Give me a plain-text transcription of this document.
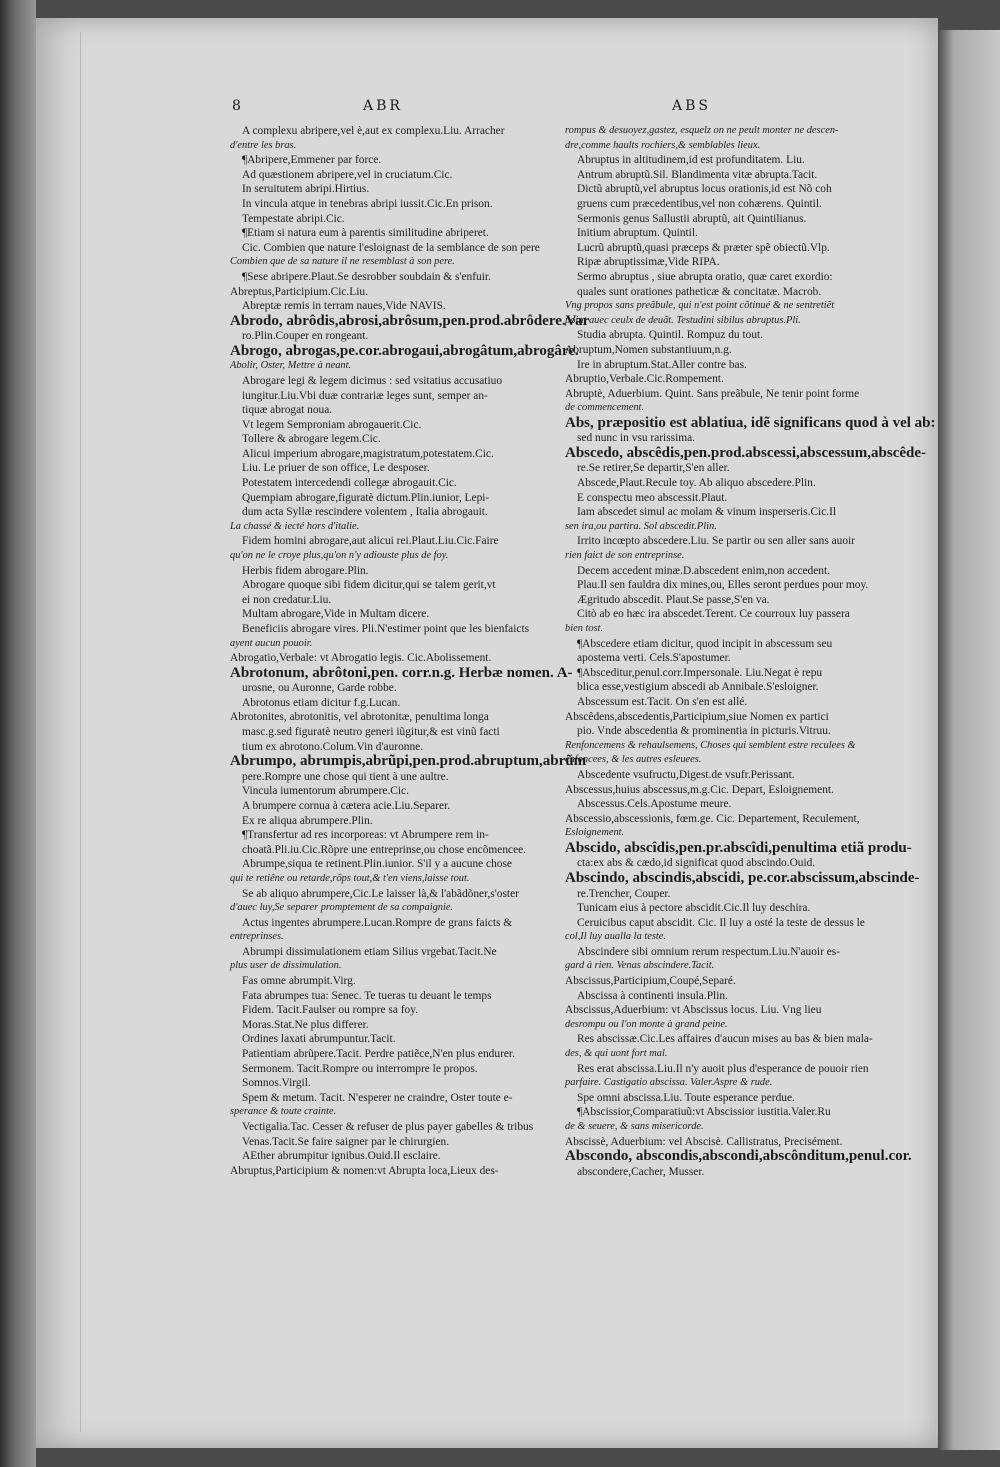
8	ABR	ABS
A complexu abripere,vel è,aut ex complexu.Liu. Arracher
d'entre les bras.
¶Abripere,Emmener par force.
Ad quæstionem abripere,vel in cruciatum.Cic.
In seruitutem abripi.Hirtius.
In vincula atque in tenebras abripi iussit.Cic.En prison.
Tempestate abripi.Cic.
¶Etiam si natura eum à parentis similitudine abriperet.
Cic. Combien que nature l'esloignast de la semblance de son pere
Combien que de sa nature il ne resemblast à son pere.
¶Sese abripere.Plaut.Se desrobber soubdain & s'enfuir.
Abreptus,Participium.Cic.Liu.
Abreptæ remis in terram naues,Vide NAVIS.
Abrodo, abrôdis,abrosi,abrôsum,pen.prod.abrôdere.Var
ro.Plin.Couper en rongeant.
Abrogo, abrogas,pe.cor.abrogaui,abrogâtum,abrogâre.
Abolir, Oster, Mettre à neant.
Abrogare legi & legem dicimus : sed vsitatius accusatiuo
iungitur.Liu.Vbi duæ contrariæ leges sunt, semper an-
tiquæ abrogat noua.
Vt legem Semproniam abrogauerit.Cic.
Tollere & abrogare legem.Cic.
Alicui imperium abrogare,magistratum,potestatem.Cic.
Liu. Le priuer de son office, Le desposer.
Potestatem intercedendi collegæ abrogauit.Cic.
Quempiam abrogare,figuratè dictum.Plin.iunior, Lepi-
dum acta Syllæ rescindere volentem , Italia abrogauit.
La chassé & iecté hors d'italie.
Fidem homini abrogare,aut alicui rei.Plaut.Liu.Cic.Faire
qu'on ne le croye plus,qu'on n'y adiouste plus de foy.
Herbis fidem abrogare.Plin.
Abrogare quoque sibi fidem dicitur,qui se talem gerit,vt
ei non credatur.Liu.
Multam abrogare,Vide in Multam dicere.
Beneficiis abrogare vires. Pli.N'estimer point que les bienfaicts
ayent aucun pouoir.
Abrogatio,Verbale: vt Abrogatio legis. Cic.Abolissement.
Abrotonum, abrôtoni,pen. corr.n.g. Herbæ nomen. A-
urosne, ou Auronne, Garde robbe.
Abrotonus etiam dicitur f.g.Lucan.
Abrotonites, abrotonitis, vel abrotonitæ, penultima longa
masc.g.sed figuratè neutro generi iũgitur,& est vinũ facti
tium ex abrotono.Colum.Vin d'auronne.
Abrumpo, abrumpis,abrũpi,pen.prod.abruptum,abrũm
pere.Rompre une chose qui tient à une aultre.
Vincula iumentorum abrumpere.Cic.
A brumpere cornua à cætera acie.Liu.Separer.
Ex re aliqua abrumpere.Plin.
¶Transfertur ad res incorporeas: vt Abrumpere rem in-
choatã.Pli.iu.Cic.Rõpre une entreprinse,ou chose encõmencee.
Abrumpe,siqua te retinent.Plin.iunior. S'il y a aucune chose
qui te retiêne ou retarde,rõps tout,& t'en viens,laisse tout.
Se ab aliquo abrumpere,Cic.Le laisser là,& l'abãdõner,s'oster
d'auec luy,Se separer promptement de sa compaignie.
Actus ingentes abrumpere.Lucan.Rompre de grans faicts &
entreprinses.
Abrumpi dissimulationem etiam Silius vrgebat.Tacit.Ne
plus user de dissimulation.
Fas omne abrumpit.Virg.
Fata abrumpes tua: Senec. Te tueras tu deuant le temps
Fidem. Tacit.Faulser ou rompre sa foy.
Moras.Stat.Ne plus differer.
Ordines laxati abrumpuntur.Tacit.
Patientiam abrũpere.Tacit. Perdre patiẽce,N'en plus endurer.
Sermonem. Tacit.Rompre ou interrompre le propos.
Somnos.Virgil.
Spem & metum. Tacit. N'esperer ne craindre, Oster toute e-
sperance & toute crainte.
Vectigalia.Tac. Cesser & refuser de plus payer gabelles & tribus
Venas.Tacit.Se faire saigner par le chirurgien.
AEther abrumpitur ignibus.Ouid.Il esclaire.
Abruptus,Participium & nomen:vt Abrupta loca,Lieux des-
rompus & desuoyez,gastez, esquelz on ne peult monter ne descen-
dre,comme haults rochiers,& semblables lieux.
Abruptus in altitudinem,id est profunditatem. Liu.
Antrum abruptũ.Sil. Blandimenta vitæ abrupta.Tacit.
Dictũ abruptũ,vel abruptus locus orationis,id est Nõ coh
gruens cum præcedentibus,vel non cohærens. Quintil.
Sermonis genus Sallustii abruptũ, ait Quintilianus.
Initium abruptum. Quintil.
Lucrũ abruptũ,quasi præceps & præter spẽ obiectũ.Vlp.
Ripæ abruptissimæ,Vide RIPA.
Sermo abruptus , siue abrupta oratio, quæ caret exordio:
quales sunt orationes patheticæ & concitatæ. Macrob.
Vng propos sans preãbule, qui n'est point cõtinué & ne sentretiẽt
point auec ceulx de deuãt. Testudini sibilus abruptus.Pli.
Studia abrupta. Quintil. Rompuz du tout.
Abruptum,Nomen substantiuum,n.g.
Ire in abruptum.Stat.Aller contre bas.
Abruptio,Verbale.Cic.Rompement.
Abruptè, Aduerbium. Quint. Sans preãbule, Ne tenir point forme
de commencement.
Abs, præpositio est ablatiua, idẽ significans quod à vel ab:
sed nunc in vsu rarissima.
Abscedo, abscêdis,pen.prod.abscessi,abscessum,abscêde-
re.Se retirer,Se departir,S'en aller.
Abscede,Plaut.Recule toy. Ab aliquo abscedere.Plin.
E conspectu meo abscessit.Plaut.
Iam abscedet simul ac molam & vinum insperseris.Cic.Il
sen ira,ou partira. Sol abscedit.Plin.
Irrito incœpto abscedere.Liu. Se partir ou sen aller sans auoir
rien faict de son entreprinse.
Decem accedent minæ.D.abscedent enim,non accedent.
Plau.Il sen fauldra dix mines,ou, Elles seront perdues pour moy.
Ægritudo abscedit. Plaut.Se passe,S'en va.
Citò ab eo hæc ira abscedet.Terent. Ce courroux luy passera
bien tost.
¶Abscedere etiam dicitur, quod incipit in abscessum seu
apostema verti. Cels.S'apostumer.
¶Absceditur,penul.corr.Impersonale. Liu.Negat è repu
blica esse,vestigium abscedi ab Annibale.S'esloigner.
Abscessum est.Tacit. On s'en est allé.
Abscêdens,abscedentis,Participium,siue Nomen ex partici
pio. Vnde abscedentia & prominentia in picturis.Vitruu.
Renfoncemens & rehaulsemens, Choses qui semblent estre reculees &
enfoncees, & les autres esleuees.
Abscedente vsufructu,Digest.de vsufr.Perissant.
Abscessus,huius abscessus,m.g.Cic. Depart, Esloignement.
Abscessus.Cels.Apostume meure.
Abscessio,abscessionis, fœm.ge. Cic. Departement, Reculement,
Esloignement.
Abscido, abscîdis,pen.pr.abscîdi,penultima etiã produ-
cta:ex abs & cædo,id significat quod abscindo.Ouid.
Abscindo, abscindis,abscidi, pe.cor.abscissum,abscinde-
re.Trencher, Couper.
Tunicam eius à pectore abscidit.Cic.Il luy deschira.
Ceruicibus caput abscidit. Cic. Il luy a osté la teste de dessus le
col,Il luy aualla la teste.
Abscindere sibi omnium rerum respectum.Liu.N'auoir es-
gard à rien. Venas abscindere.Tacit.
Abscissus,Participium,Coupé,Separé.
Abscissa à continenti insula.Plin.
Abscissus,Aduerbium: vt Abscissus locus. Liu. Vng lieu
desrompu ou l'on monte à grand peine.
Res abscissæ.Cic.Les affaires d'aucun mises au bas & bien mala-
des, & qui uont fort mal.
Res erat abscissa.Liu.Il n'y auoit plus d'esperance de pouoir rien
parfaire. Castigatio abscissa. Valer.Aspre & rude.
Spe omni abscissa.Liu. Toute esperance perdue.
¶Abscissior,Comparatiuũ:vt Abscissior iustitia.Valer.Ru
de & seuere, & sans misericorde.
Abscissè, Aduerbium: vel Abscisè. Callistratus, Precisément.
Abscondo, abscondis,abscondi,abscônditum,penul.cor.
abscondere,Cacher, Musser.
